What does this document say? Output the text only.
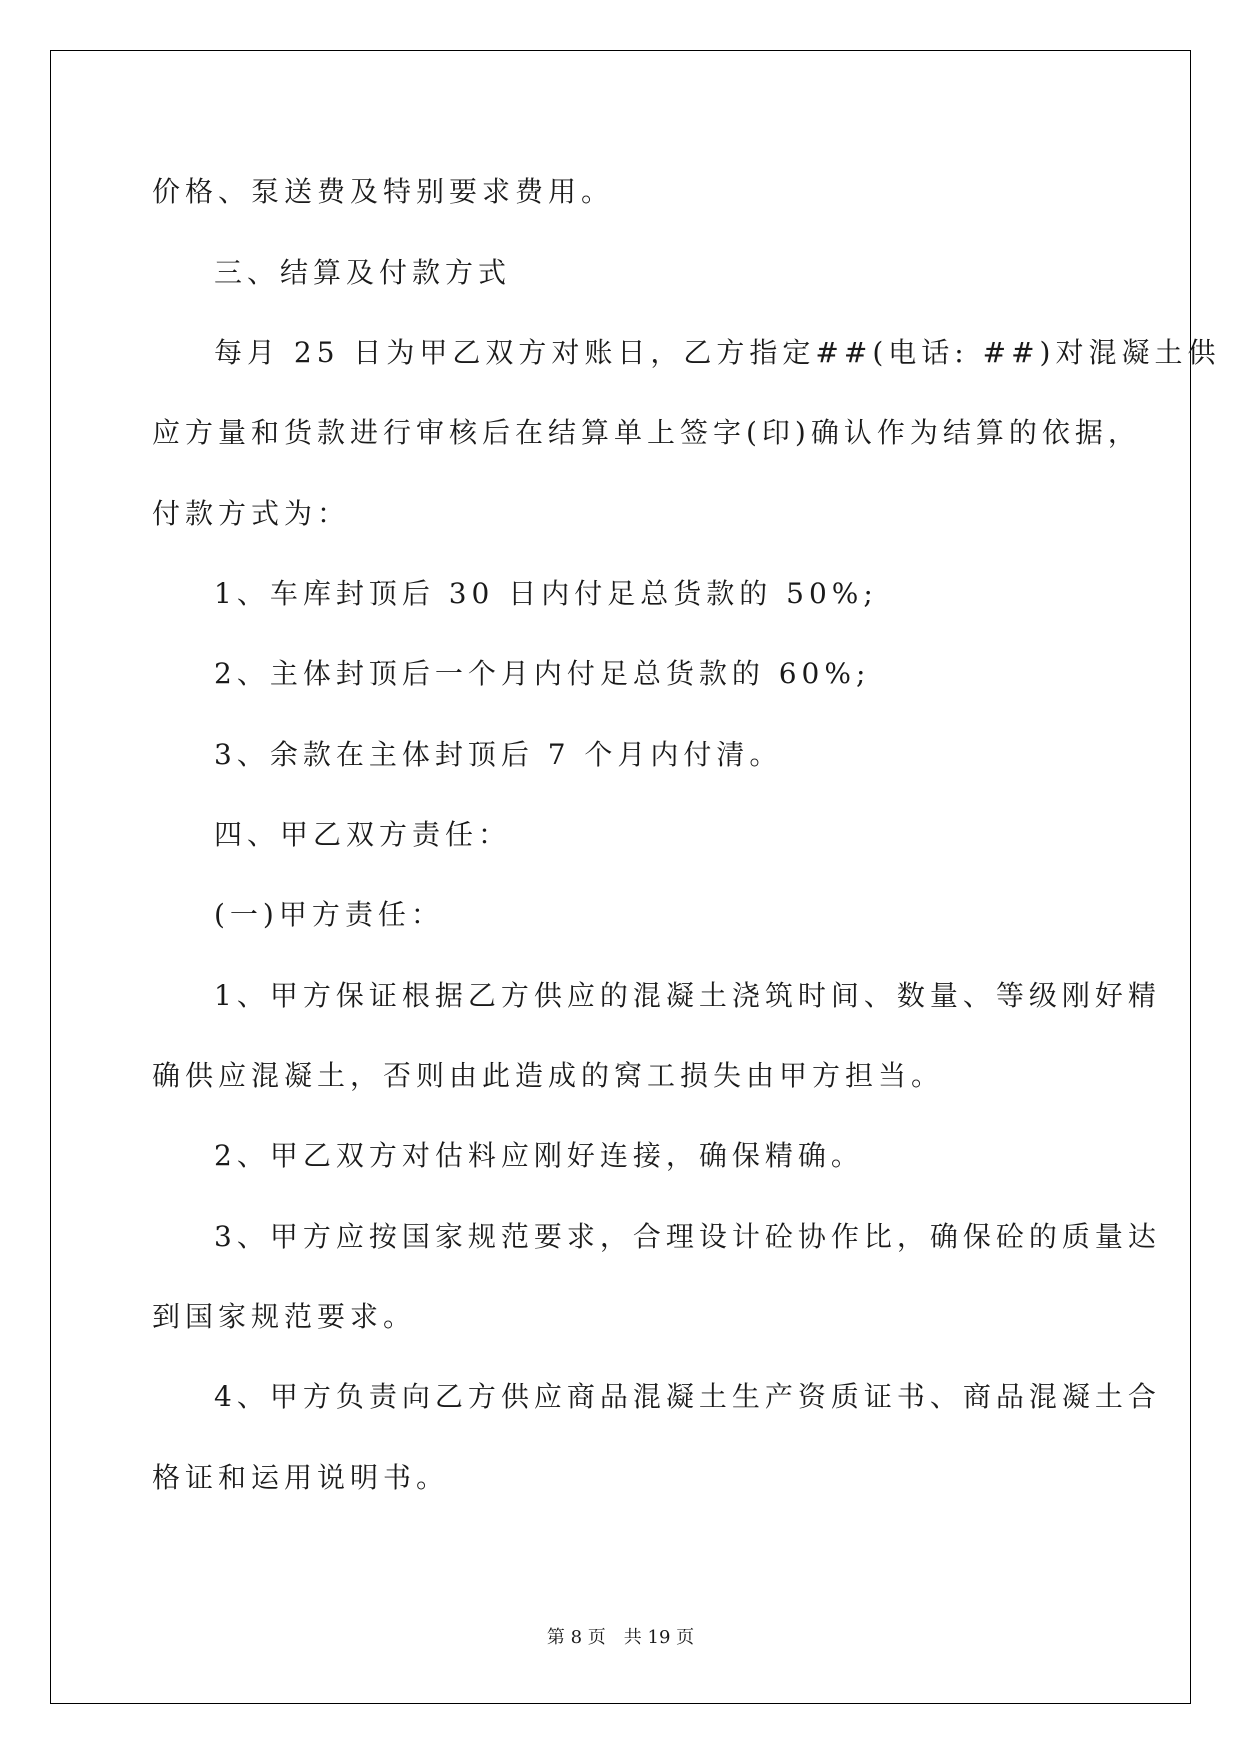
价格、泵送费及特别要求费用。
三、结算及付款方式
每月 25 日为甲乙双方对账日，乙方指定##(电话: ##)对混凝土供
应方量和货款进行审核后在结算单上签字(印)确认作为结算的依据，
付款方式为：
1、车库封顶后 30 日内付足总货款的 50%;
2、主体封顶后一个月内付足总货款的 60%;
3、余款在主体封顶后 7 个月内付清。
四、甲乙双方责任：
(一)甲方责任：
1、甲方保证根据乙方供应的混凝土浇筑时间、数量、等级刚好精
确供应混凝土，否则由此造成的窝工损失由甲方担当。
2、甲乙双方对估料应刚好连接，确保精确。
3、甲方应按国家规范要求，合理设计砼协作比，确保砼的质量达
到国家规范要求。
4、甲方负责向乙方供应商品混凝土生产资质证书、商品混凝土合
格证和运用说明书。
第 8 页 共 19 页
